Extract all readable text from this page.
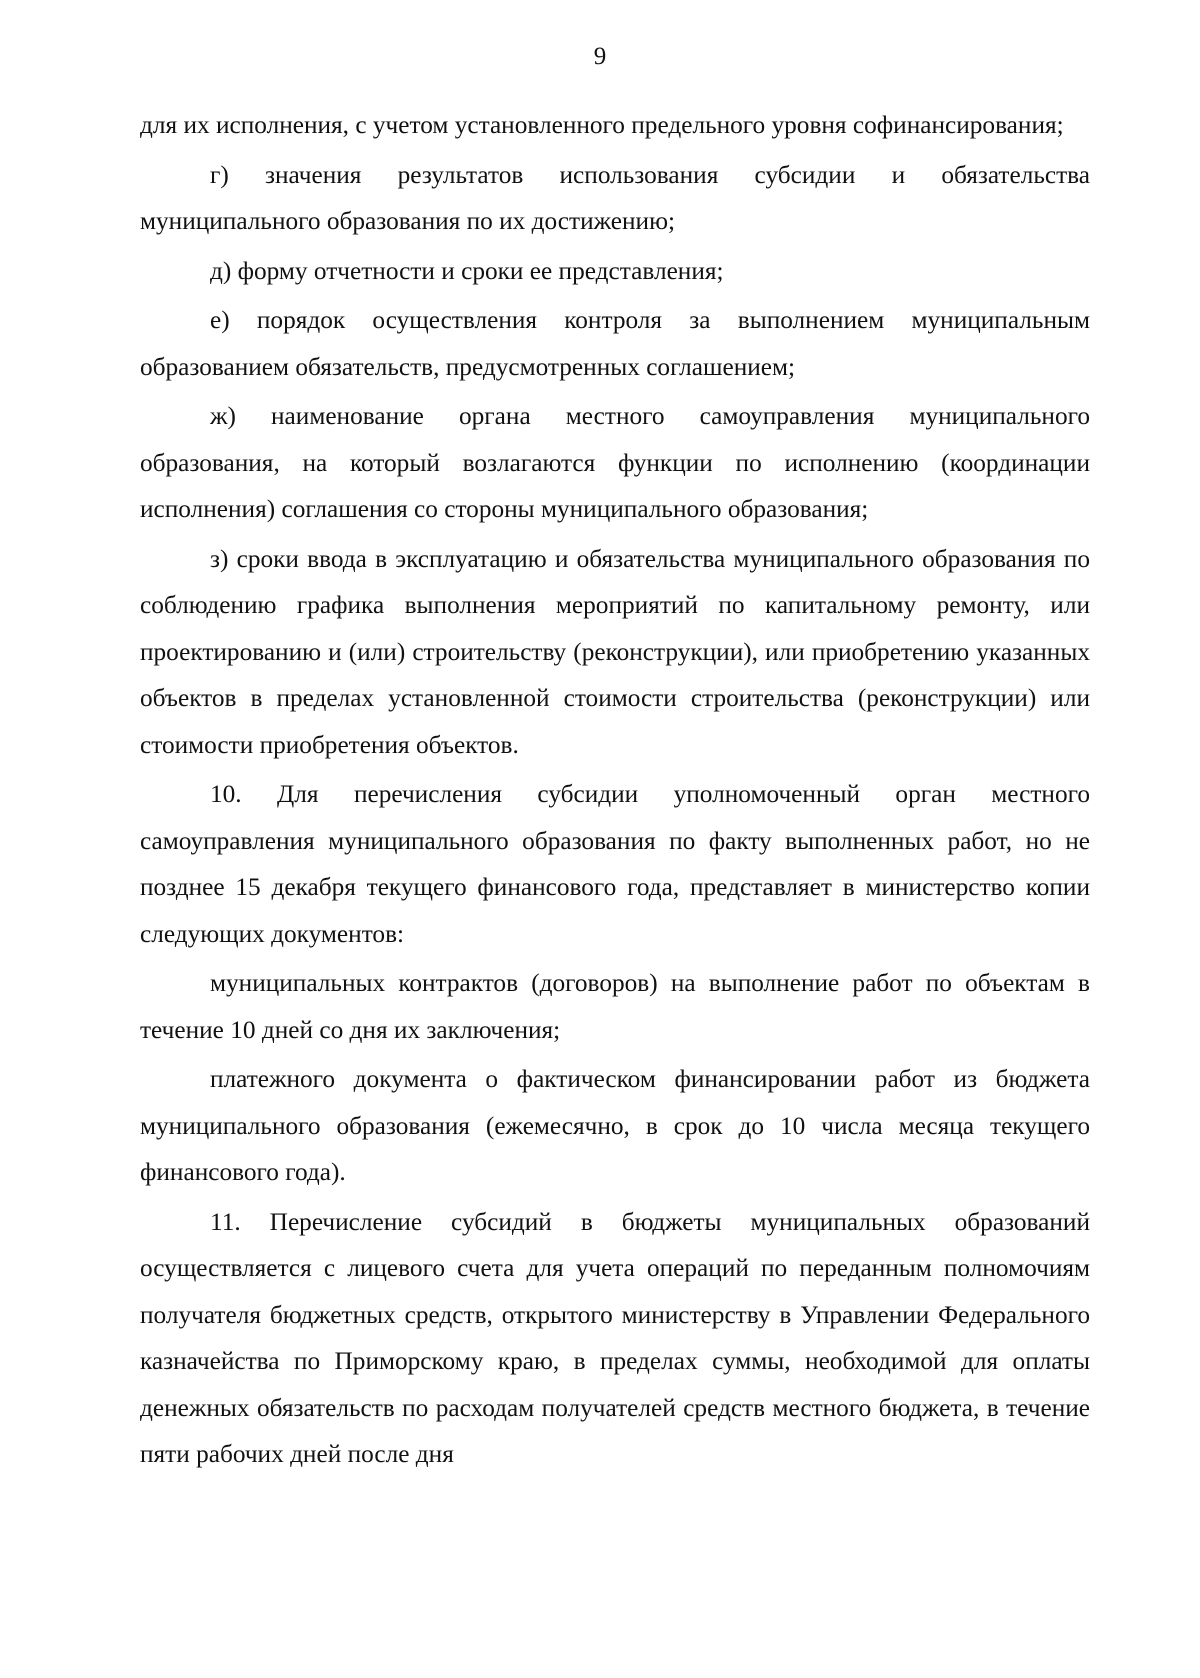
9

для их исполнения, с учетом установленного предельного уровня софинансирования;

г) значения результатов использования субсидии и обязательства муниципального образования по их достижению;

д) форму отчетности и сроки ее представления;

е) порядок осуществления контроля за выполнением муниципальным образованием обязательств, предусмотренных соглашением;

ж) наименование органа местного самоуправления муниципального образования, на который возлагаются функции по исполнению (координации исполнения) соглашения со стороны муниципального образования;

з) сроки ввода в эксплуатацию и обязательства муниципального образования по соблюдению графика выполнения мероприятий по капитальному ремонту, или проектированию и (или) строительству (реконструкции), или приобретению указанных объектов в пределах установленной стоимости строительства (реконструкции) или стоимости приобретения объектов.

10. Для перечисления субсидии уполномоченный орган местного самоуправления муниципального образования по факту выполненных работ, но не позднее 15 декабря текущего финансового года, представляет в министерство копии следующих документов:

муниципальных контрактов (договоров) на выполнение работ по объектам в течение 10 дней со дня их заключения;

платежного документа о фактическом финансировании работ из бюджета муниципального образования (ежемесячно, в срок до 10 числа месяца текущего финансового года).

11. Перечисление субсидий в бюджеты муниципальных образований осуществляется с лицевого счета для учета операций по переданным полномочиям получателя бюджетных средств, открытого министерству в Управлении Федерального казначейства по Приморскому краю, в пределах суммы, необходимой для оплаты денежных обязательств по расходам получателей средств местного бюджета, в течение пяти рабочих дней после дня
